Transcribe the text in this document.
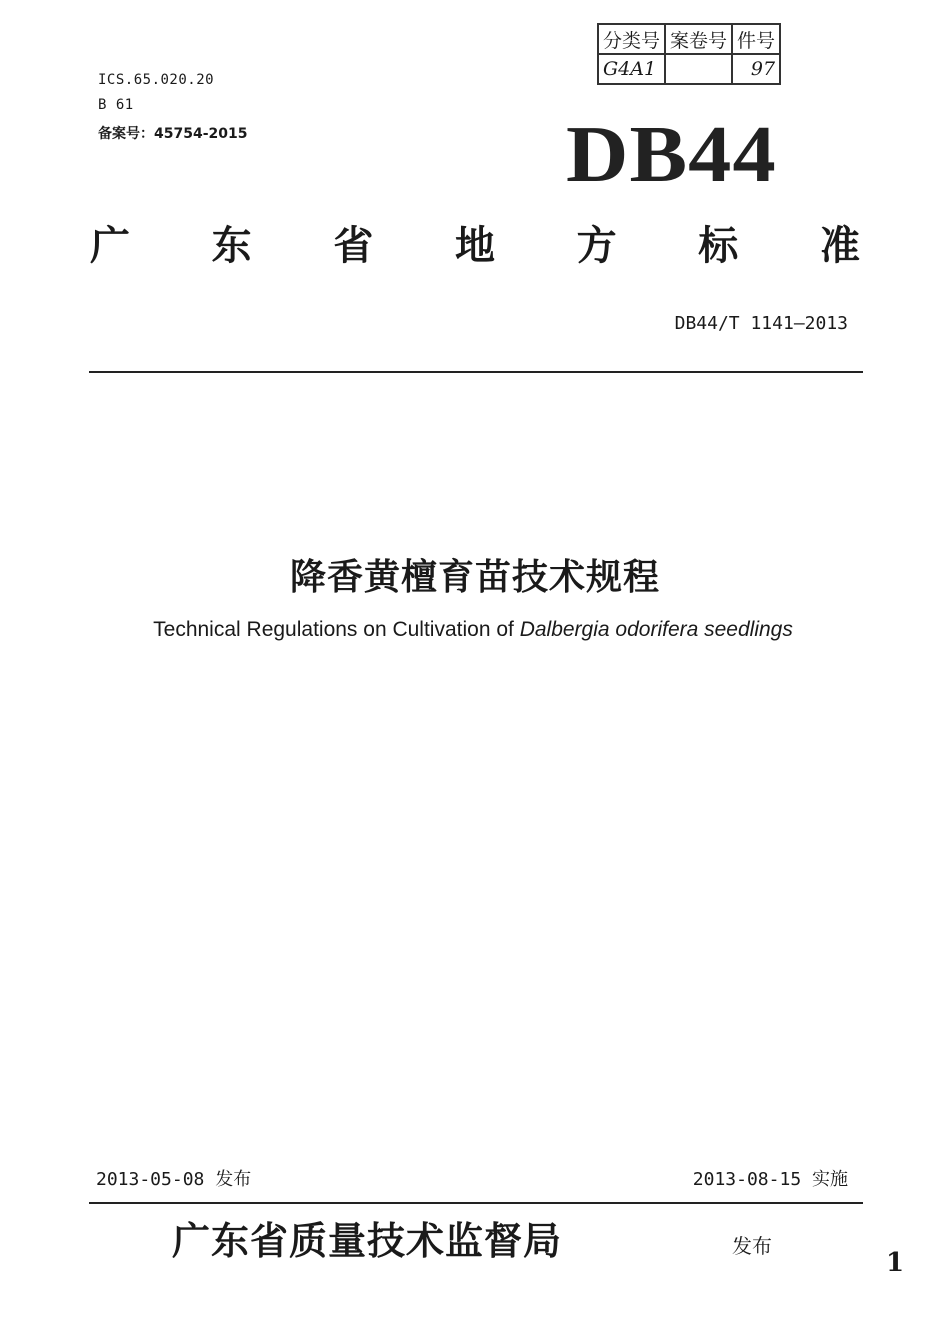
ICS.65.020.20
B 61
备案号：45754-2015
分类号	案卷号	件号
G4A1		97
DB44
广 东 省 地 方 标 准
DB44/T 1141—2013
降香黄檀育苗技术规程
Technical Regulations on Cultivation of Dalbergia odorifera seedlings
2013-05-08 发布	2013-08-15 实施
广东省质量技术监督局	发布
1
